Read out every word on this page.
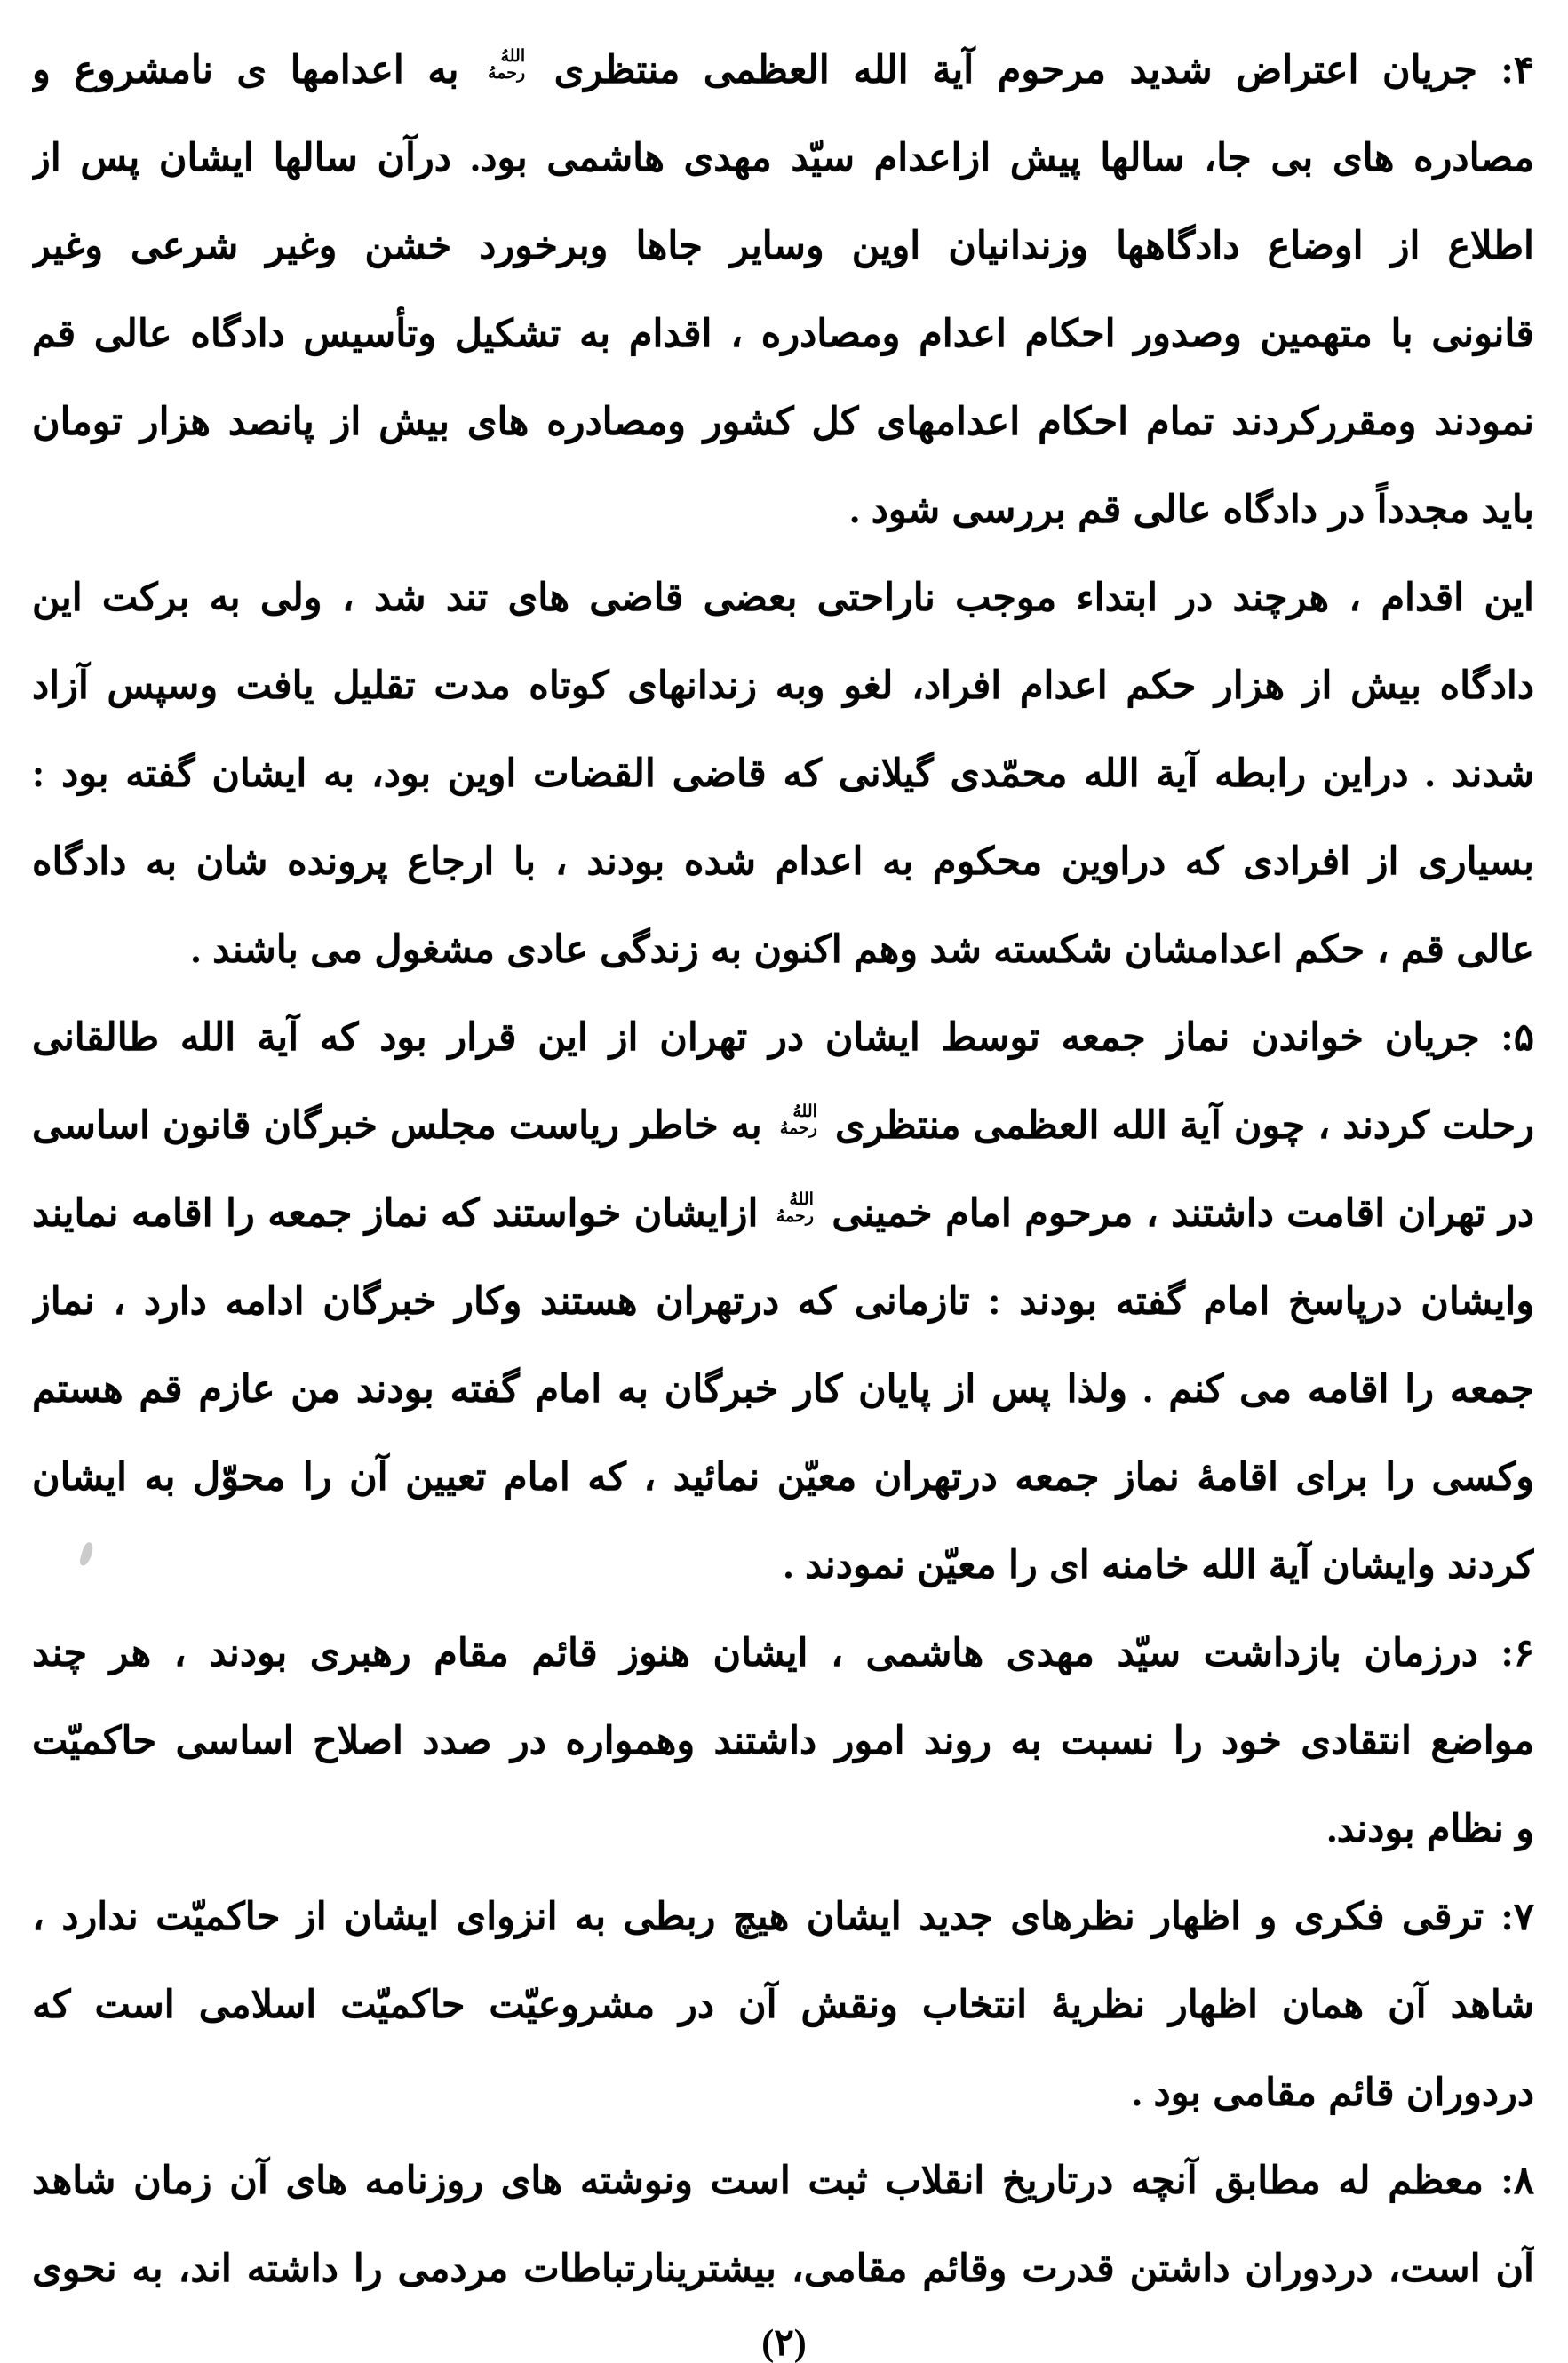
۴: جریان اعتراض شدید مرحوم آیة الله العظمی منتظری
اللهُ
رحمهُ
به اعدامها ی نامشروع و
مصادره های بی جا، سالها پیش ازاعدام سیّد مهدی هاشمی بود. درآن سالها ایشان پس از
اطلاع از اوضاع دادگاهها وزندانیان اوین وسایر جاها وبرخورد خشن وغیر شرعی وغیر
قانونی با متهمین وصدور احکام اعدام ومصادره ، اقدام به تشکیل وتأسیس دادگاه عالی قم
نمودند ومقررکردند تمام احکام اعدامهای کل کشور ومصادره های بیش از پانصد هزار تومان
باید مجدداً در دادگاه عالی قم بررسی شود .
این اقدام ، هرچند در ابتداء موجب ناراحتی بعضی قاضی های تند شد ، ولی به برکت این
دادگاه بیش از هزار حکم اعدام افراد، لغو وبه زندانهای کوتاه مدت تقلیل یافت وسپس آزاد
شدند . دراین رابطه آیة الله محمّدی گیلانی که قاضی القضات اوین بود، به ایشان گفته بود :
بسیاری از افرادی که دراوین محکوم به اعدام شده بودند ، با ارجاع پرونده شان به دادگاه
عالی قم ، حکم اعدامشان شکسته شد وهم اکنون به زندگی عادی مشغول می باشند .
۵: جریان خواندن نماز جمعه توسط ایشان در تهران از این قرار بود که آیة الله طالقانی
رحلت کردند ، چون آیة الله العظمی منتظری
اللهُ
رحمهُ
به خاطر ریاست مجلس خبرگان قانون اساسی
در تهران اقامت داشتند ، مرحوم امام خمینی
اللهُ
رحمهُ
ازایشان خواستند که نماز جمعه را اقامه نمایند
وایشان درپاسخ امام گفته بودند : تازمانی که درتهران هستند وکار خبرگان ادامه دارد ، نماز
جمعه را اقامه می کنم . ولذا پس از پایان کار خبرگان به امام گفته بودند من عازم قم هستم
وکسی را برای اقامهٔ نماز جمعه درتهران معیّن نمائید ، که امام تعیین آن را محوّل به ایشان
کردند وایشان آیة الله خامنه ای را معیّن نمودند .
۶: درزمان بازداشت سیّد مهدی هاشمی ، ایشان هنوز قائم مقام رهبری بودند ، هر چند
مواضع انتقادی خود را نسبت به روند امور داشتند وهمواره در صدد اصلاح اساسی حاکمیّت
و نظام بودند.
۷: ترقی فکری و اظهار نظرهای جدید ایشان هیچ ربطی به انزوای ایشان از حاکمیّت ندارد ،
شاهد آن همان اظهار نظریهٔ انتخاب ونقش آن در مشروعیّت حاکمیّت اسلامی است که
دردوران قائم مقامی بود .
۸: معظم له مطابق آنچه درتاریخ انقلاب ثبت است ونوشته های روزنامه های آن زمان شاهد
آن است، دردوران داشتن قدرت وقائم مقامی، بیشترینارتباطات مردمی را داشته اند، به نحوی
(۲)
